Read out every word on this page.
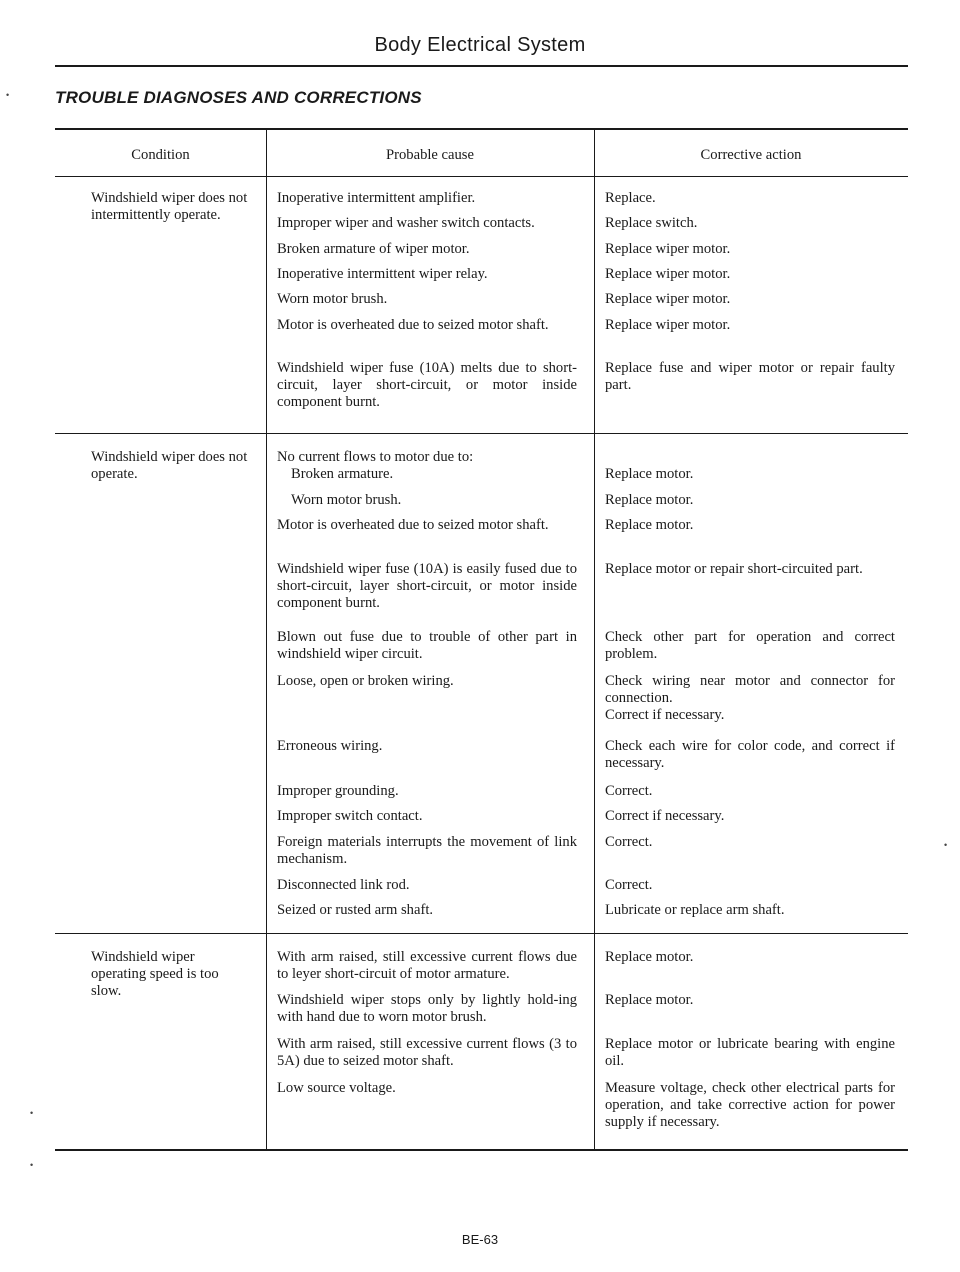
Body Electrical System
TROUBLE DIAGNOSES AND CORRECTIONS
Condition	Probable cause	Corrective action
Windshield wiper does not intermittently operate.
Inoperative intermittent amplifier.
Improper wiper and washer switch contacts.
Broken armature of wiper motor.
Inoperative intermittent wiper relay.
Worn motor brush.
Motor is overheated due to seized motor shaft.
Windshield wiper fuse (10A) melts due to short-circuit, layer short-circuit, or motor inside component burnt.
Replace.
Replace switch.
Replace wiper motor.
Replace wiper motor.
Replace wiper motor.
Replace wiper motor.
Replace fuse and wiper motor or repair faulty part.
Windshield wiper does not operate.
No current flows to motor due to:
Broken armature.
Worn motor brush.
Motor is overheated due to seized motor shaft.
Windshield wiper fuse (10A) is easily fused due to short-circuit, layer short-circuit, or motor inside component burnt.
Blown out fuse due to trouble of other part in windshield wiper circuit.
Loose, open or broken wiring.
Erroneous wiring.
Improper grounding.
Improper switch contact.
Foreign materials interrupts the movement of link mechanism.
Disconnected link rod.
Seized or rusted arm shaft.
Replace motor.
Replace motor.
Replace motor.
Replace motor or repair short-circuited part.
Check other part for operation and correct problem.
Check wiring near motor and connector for connection.
Correct if necessary.
Check each wire for color code, and correct if necessary.
Correct.
Correct if necessary.
Correct.
Correct.
Lubricate or replace arm shaft.
Windshield wiper operating speed is too slow.
With arm raised, still excessive current flows due to leyer short-circuit of motor armature.
Windshield wiper stops only by lightly hold-ing with hand due to worn motor brush.
With arm raised, still excessive current flows (3 to 5A) due to seized motor shaft.
Low source voltage.
Replace motor.
Replace motor.
Replace motor or lubricate bearing with engine oil.
Measure voltage, check other electrical parts for operation, and take corrective action for power supply if necessary.
BE-63
•
•
•
•
